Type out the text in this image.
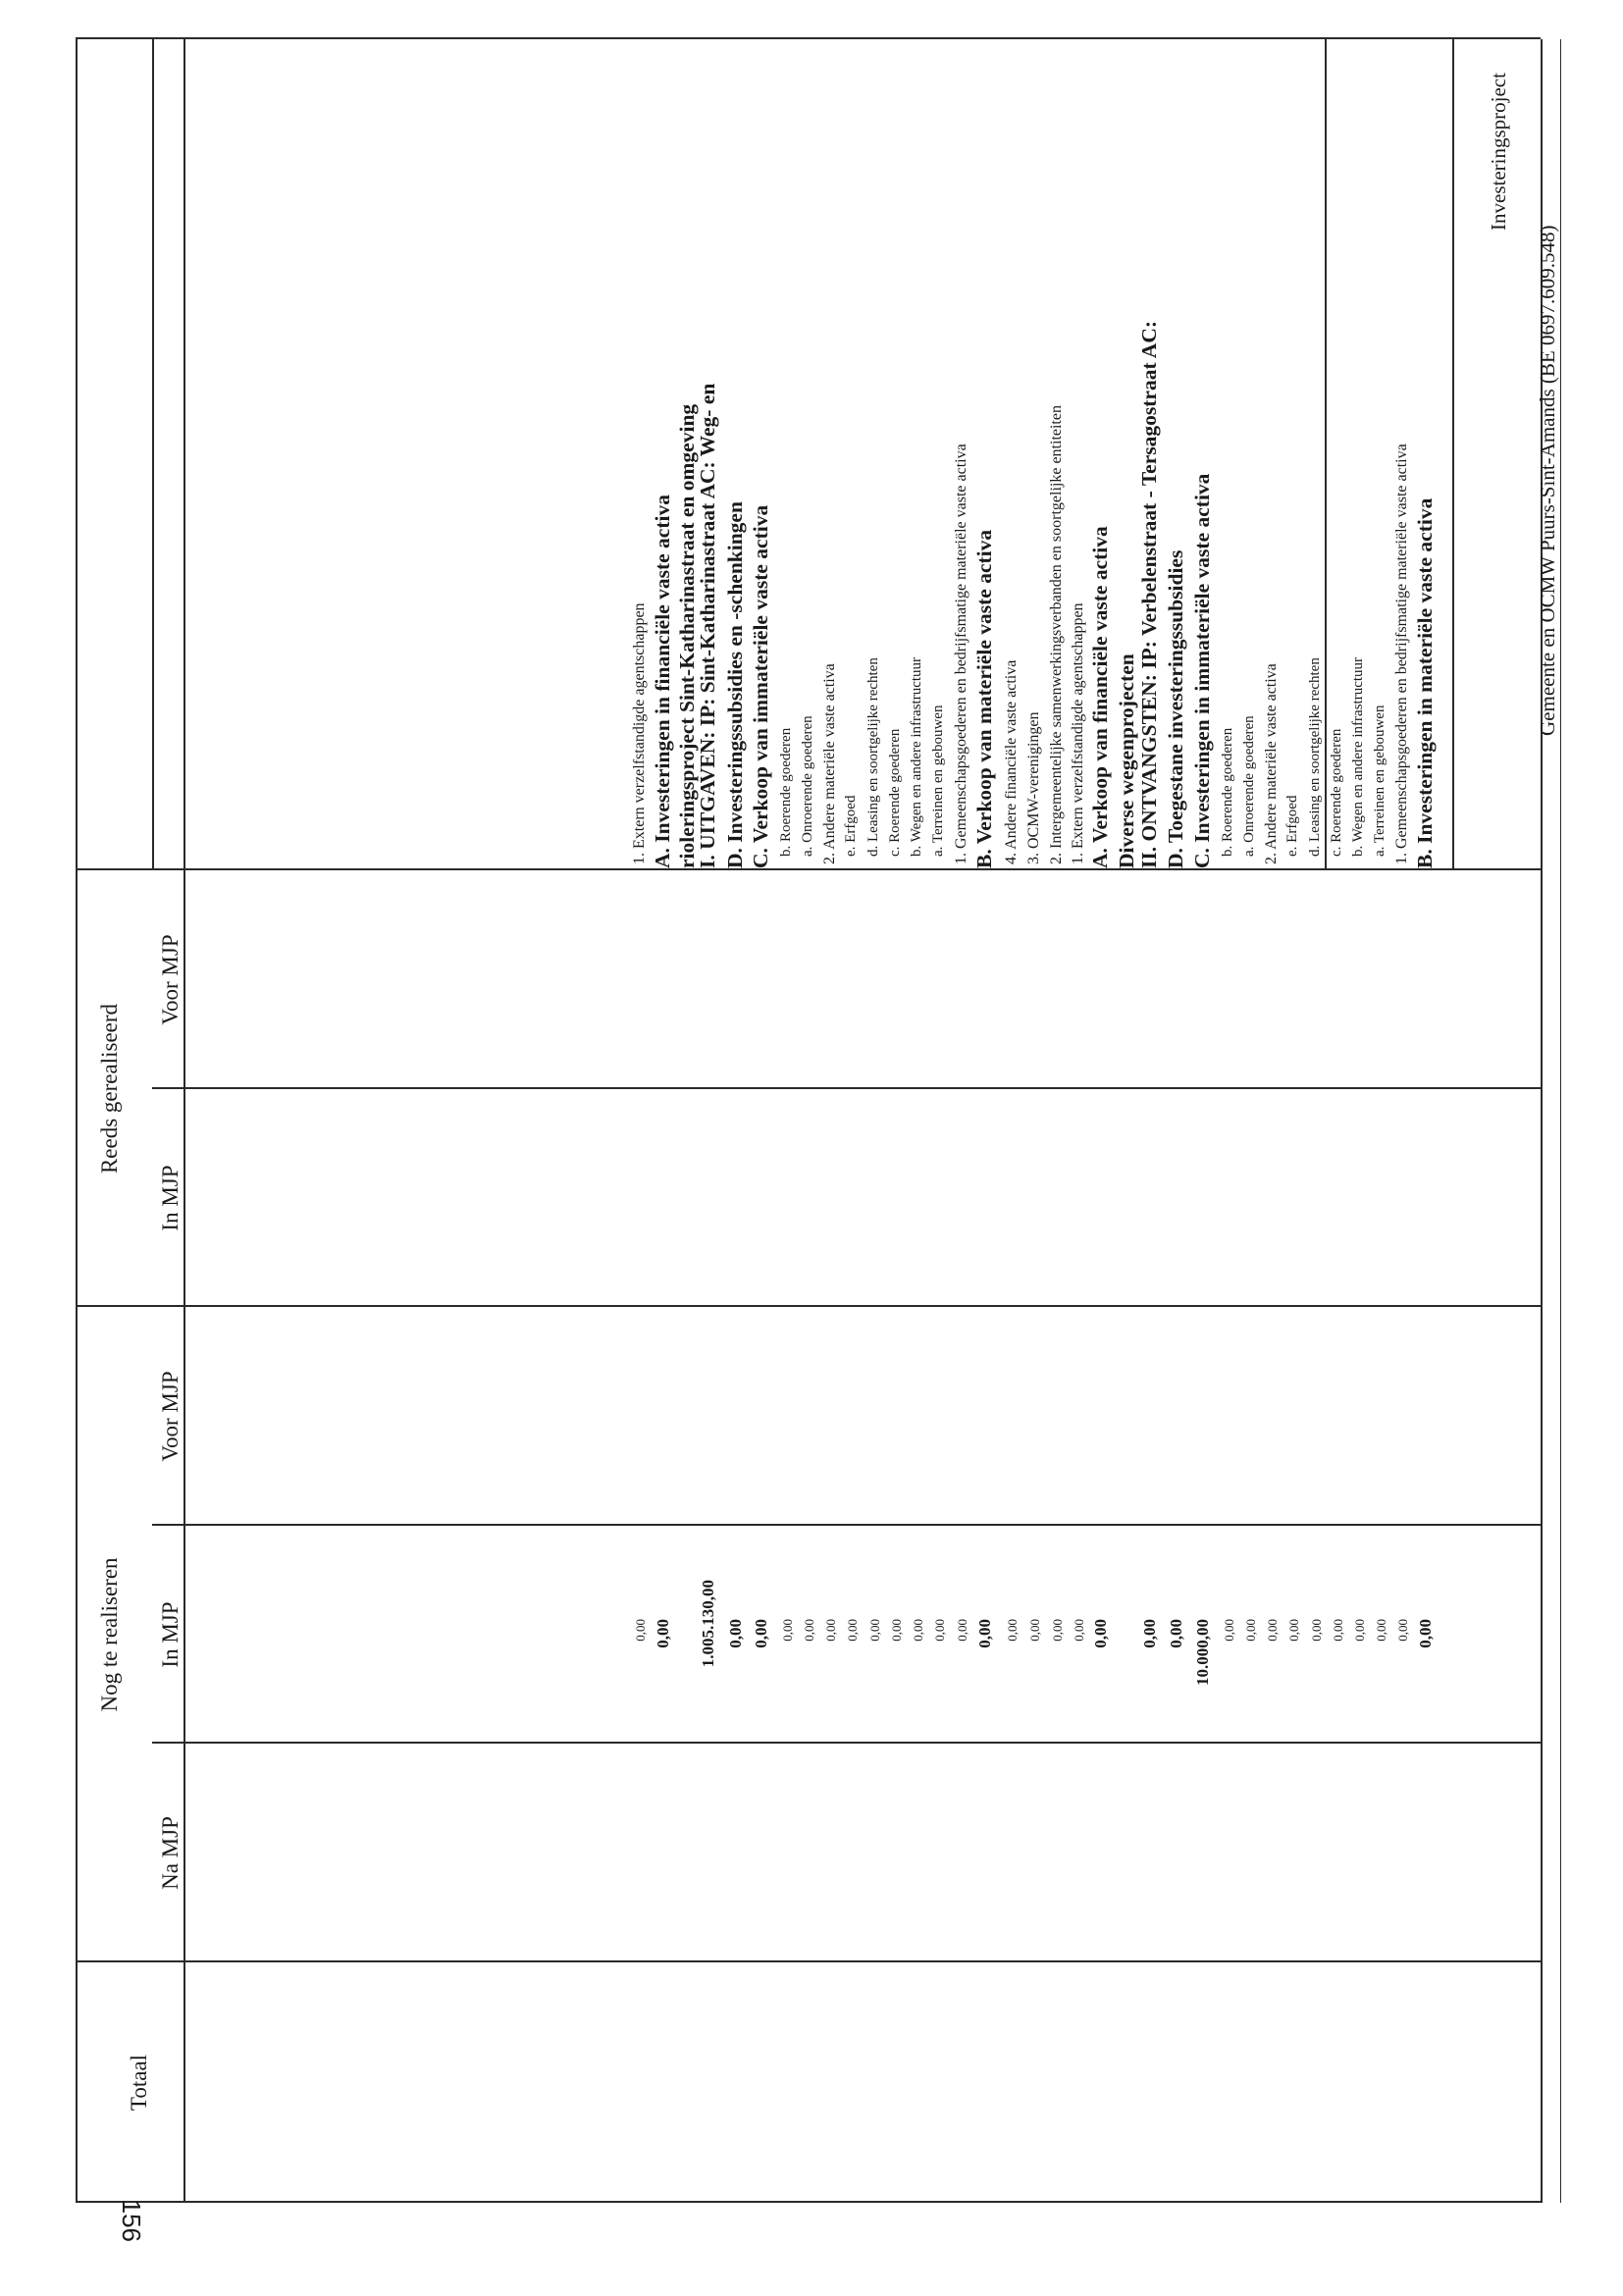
Reeds gerealiseerd
Nog te realiseren
Totaal
Voor MJP
In MJP
Voor MJP
In MJP
Na MJP
Investeringsproject
Gemeente en OCMW Puurs-Sint-Amands (BE 0697.609.548)
156
B. Investeringen in materiële vaste activa
0,00
1. Gemeenschapsgoederen en bedrijfsmatige materiële vaste activa
0,00
a. Terreinen en gebouwen
0,00
b. Wegen en andere infrastructuur
0,00
c. Roerende goederen
0,00
d. Leasing en soortgelijke rechten
0,00
e. Erfgoed
0,00
2. Andere materiële vaste activa
0,00
a. Onroerende goederen
0,00
b. Roerende goederen
0,00
C. Investeringen in immateriële vaste activa
10.000,00
D. Toegestane investeringssubsidies
0,00
II. ONTVANGSTEN: IP: Verbelenstraat - Tersagostraat AC:
0,00
Diverse wegenprojecten
A. Verkoop van financiële vaste activa
0,00
1. Extern verzelfstandigde agentschappen
0,00
2. Intergemeentelijke samenwerkingsverbanden en soortgelijke entiteiten
0,00
3. OCMW-verenigingen
0,00
4. Andere financiële vaste activa
0,00
B. Verkoop van materiële vaste activa
0,00
1. Gemeenschapsgoederen en bedrijfsmatige materiële vaste activa
0,00
a. Terreinen en gebouwen
0,00
b. Wegen en andere infrastructuur
0,00
c. Roerende goederen
0,00
d. Leasing en soortgelijke rechten
0,00
e. Erfgoed
0,00
2. Andere materiële vaste activa
0,00
a. Onroerende goederen
0,00
b. Roerende goederen
0,00
C. Verkoop van immateriële vaste activa
0,00
D. Investeringssubsidies en -schenkingen
0,00
I. UITGAVEN: IP: Sint-Katharinastraat AC: Weg- en
1.005.130,00
rioleringsproject Sint-Katharinastraat en omgeving
A. Investeringen in financiële vaste activa
0,00
1. Extern verzelfstandigde agentschappen
0,00
